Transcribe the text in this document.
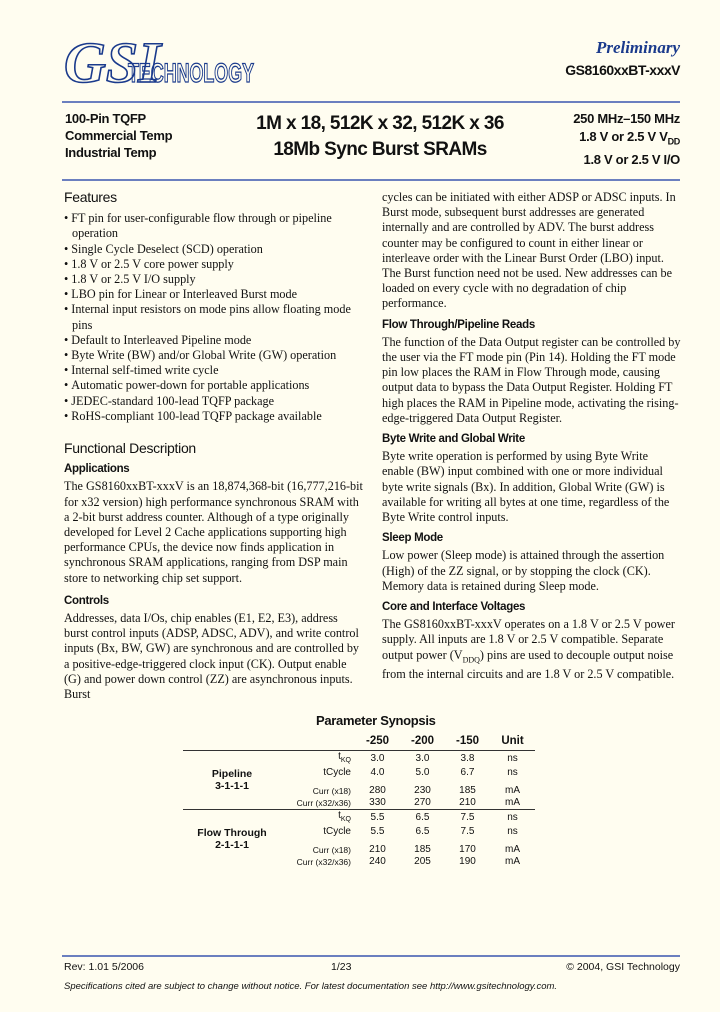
GSI
TECHNOLOGY
Preliminary
GS8160xxBT-xxxV
100-Pin TQFP
Commercial Temp
Industrial Temp
1M x 18, 512K x 32, 512K x 36
18Mb Sync Burst SRAMs
250 MHz–150 MHz
1.8 V or 2.5 V $V_{DD}$
1.8 V or 2.5 V I/O
Features
• FT pin for user-configurable flow through or pipeline operation
• Single Cycle Deselect (SCD) operation
• 1.8 V or 2.5 V core power supply
• 1.8 V or 2.5 V I/O supply
• LBO pin for Linear or Interleaved Burst mode
• Internal input resistors on mode pins allow floating mode pins
• Default to Interleaved Pipeline mode
• Byte Write (BW) and/or Global Write (GW) operation
• Internal self-timed write cycle
• Automatic power-down for portable applications
• JEDEC-standard 100-lead TQFP package
• RoHS-compliant 100-lead TQFP package available
Functional Description
Applications

The GS8160xxBT-xxxV is an 18,874,368-bit (16,777,216-bit for x32 version) high performance synchronous SRAM with a 2-bit burst address counter. Although of a type originally developed for Level 2 Cache applications supporting high performance CPUs, the device now finds application in synchronous SRAM applications, ranging from DSP main store to networking chip set support.

Controls

Addresses, data I/Os, chip enables (E1, E2, E3), address burst control inputs (ADSP, ADSC, ADV), and write control inputs (Bx, BW, GW) are synchronous and are controlled by a positive-edge-triggered clock input (CK). Output enable (G) and power down control (ZZ) are asynchronous inputs. Burst

cycles can be initiated with either ADSP or ADSC inputs. In Burst mode, subsequent burst addresses are generated internally and are controlled by ADV. The burst address counter may be configured to count in either linear or interleave order with the Linear Burst Order (LBO) input. The Burst function need not be used. New addresses can be loaded on every cycle with no degradation of chip performance.

Flow Through/Pipeline Reads

The function of the Data Output register can be controlled by the user via the FT mode pin (Pin 14). Holding the FT mode pin low places the RAM in Flow Through mode, causing output data to bypass the Data Output Register. Holding FT high places the RAM in Pipeline mode, activating the rising-edge-triggered Data Output Register.

Byte Write and Global Write

Byte write operation is performed by using Byte Write enable (BW) input combined with one or more individual byte write signals (Bx). In addition, Global Write (GW) is available for writing all bytes at one time, regardless of the Byte Write control inputs.

Sleep Mode

Low power (Sleep mode) is attained through the assertion (High) of the ZZ signal, or by stopping the clock (CK). Memory data is retained during Sleep mode.

Core and Interface Voltages

The GS8160xxBT-xxxV operates on a 1.8 V or 2.5 V power supply. All inputs are 1.8 V or 2.5 V compatible. Separate output power $(V_{DDQ})$ pins are used to decouple output noise from the internal circuits and are 1.8 V or 2.5 V compatible.

Parameter Synopsis
		-250	-200	-150	Unit

Pipeline
3-1-1-1	$t_{KQ}$	3.0	3.0	3.8	ns
	tCycle	4.0	5.0	6.7	ns
	Curr (x18)	280	230	185	mA
	Curr (x32/x36)	330	270	210	mA

Flow Through
2-1-1-1	$t_{KQ}$	5.5	6.5	7.5	ns
	tCycle	5.5	6.5	7.5	ns
	Curr (x18)	210	185	170	mA
	Curr (x32/x36)	240	205	190	mA
Rev: 1.01 5/2006	1/23	© 2004, GSI Technology
Specifications cited are subject to change without notice. For latest documentation see http://www.gsitechnology.com.
